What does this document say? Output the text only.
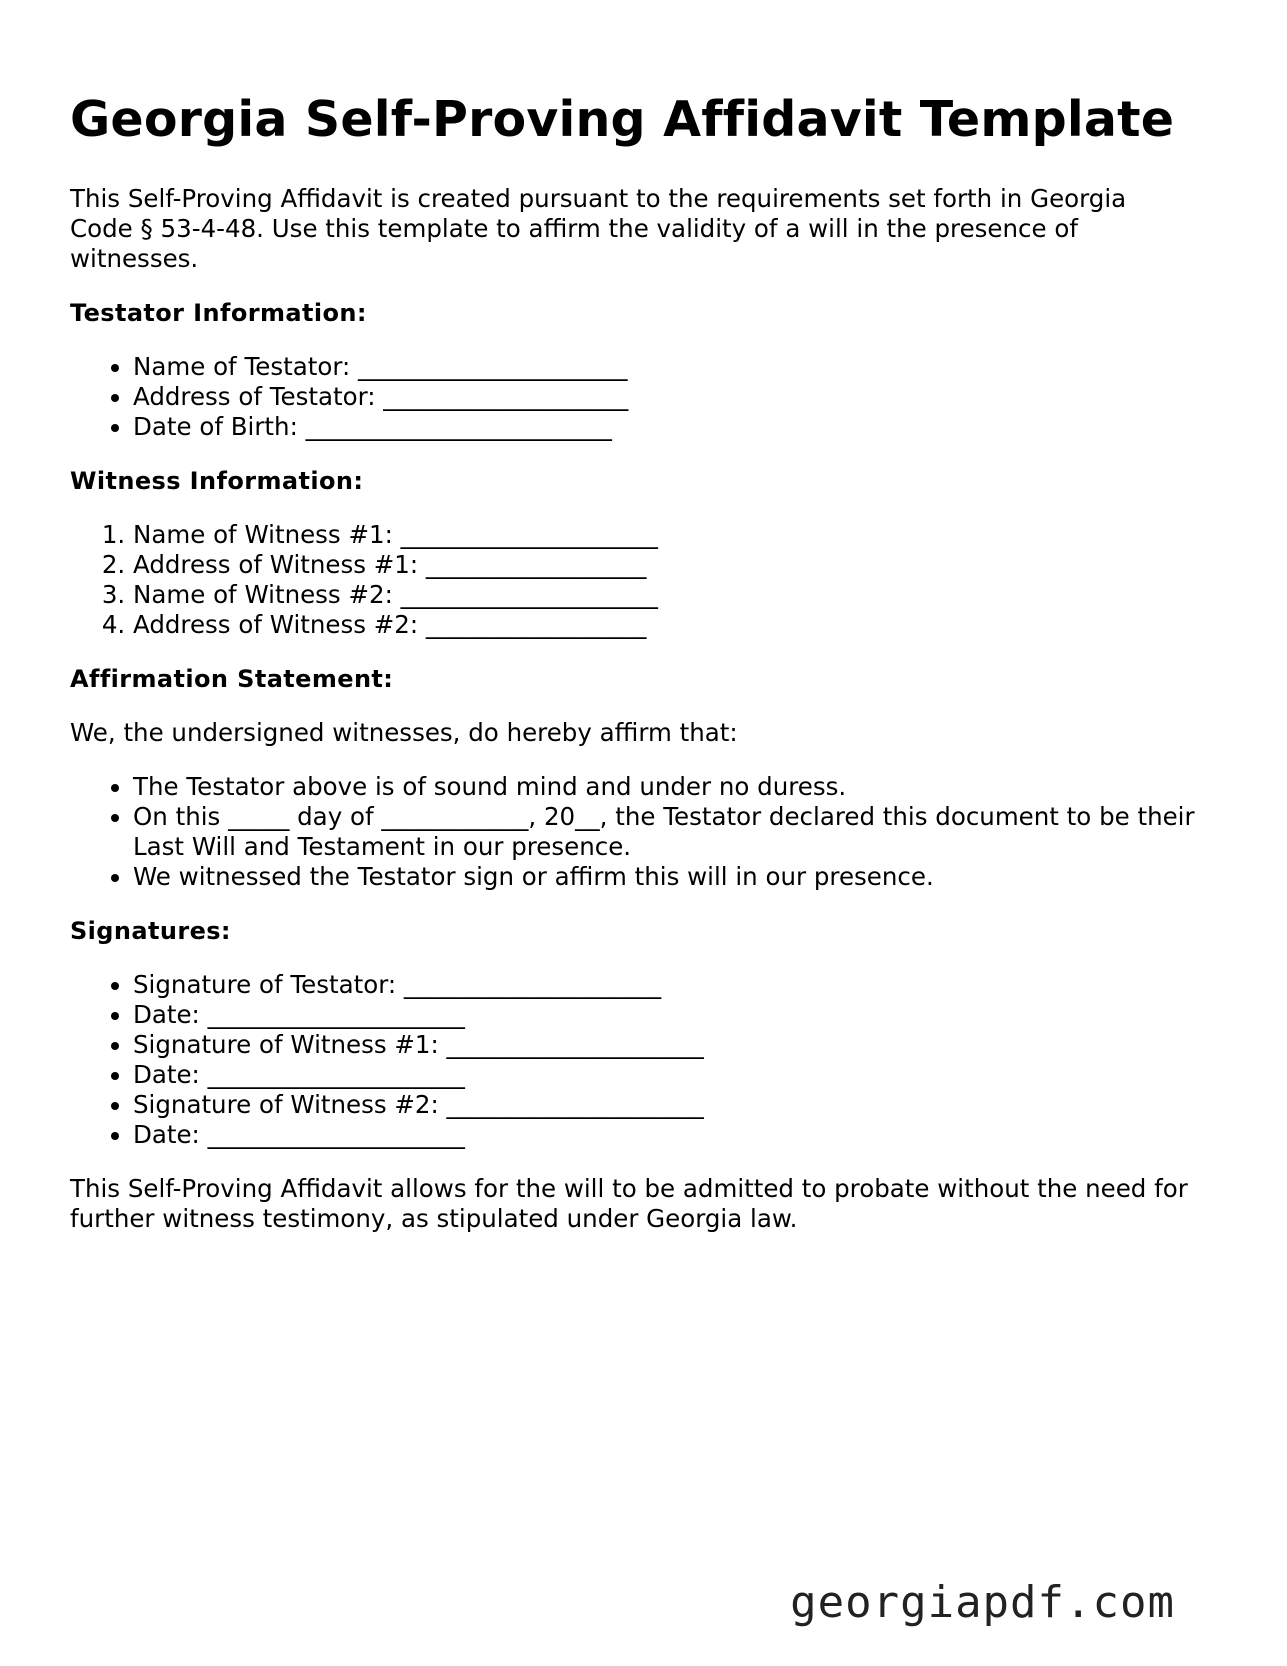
Georgia Self-Proving Affidavit Template

This Self-Proving Affidavit is created pursuant to the requirements set forth in Georgia Code § 53-4-48. Use this template to affirm the validity of a will in the presence of witnesses.

Testator Information:

• Name of Testator: ______________________
• Address of Testator: ____________________
• Date of Birth: _________________________

Witness Information:

1. Name of Witness #1: _____________________
2. Address of Witness #1: __________________
3. Name of Witness #2: _____________________
4. Address of Witness #2: __________________

Affirmation Statement:

We, the undersigned witnesses, do hereby affirm that:

• The Testator above is of sound mind and under no duress.
• On this _____ day of ____________, 20__, the Testator declared this document to be their Last Will and Testament in our presence.
• We witnessed the Testator sign or affirm this will in our presence.

Signatures:

• Signature of Testator: _____________________
• Date: _____________________
• Signature of Witness #1: _____________________
• Date: _____________________
• Signature of Witness #2: _____________________
• Date: _____________________

This Self-Proving Affidavit allows for the will to be admitted to probate without the need for further witness testimony, as stipulated under Georgia law.

georgiapdf.com
